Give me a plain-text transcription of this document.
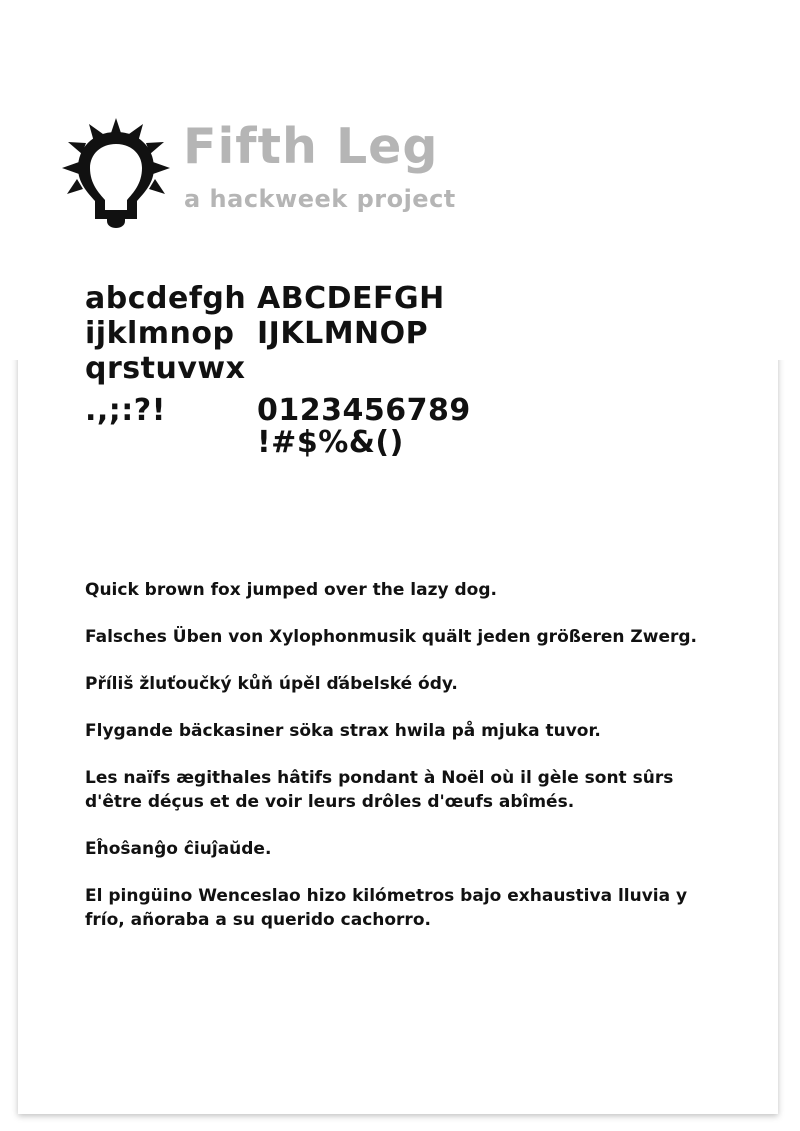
Fifth Leg
a hackweek project
abcdefgh
ijklmnop
qrstuvwx
.,;:?!
ABCDEFGH
IJKLMNOP
0123456789
!#$%&()

Quick brown fox jumped over the lazy dog.

Falsches Üben von Xylophonmusik quält jeden größeren Zwerg.

Příliš žluťoučký kůň úpěl ďábelské ódy.

Flygande bäckasiner söka strax hwila på mjuka tuvor.

Les naïfs ægithales hâtifs pondant à Noël où il gèle sont sûrs d'être déçus et de voir leurs drôles d'œufs abîmés.

Eĥoŝanĝo ĉiuĵaŭde.

El pingüino Wenceslao hizo kilómetros bajo exhaustiva lluvia y frío, añoraba a su querido cachorro.
